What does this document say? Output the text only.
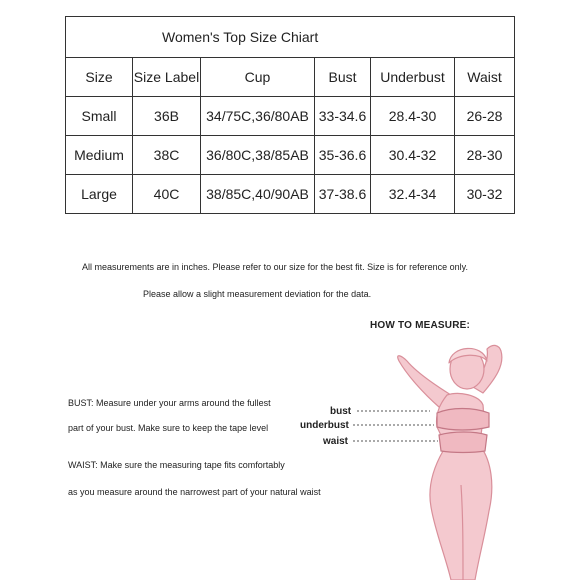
Women's Top Size Chiart					
Size	Size Label	Cup	Bust	Underbust	Waist
Small	36B	34/75C,36/80AB	33-34.6	28.4-30	26-28
Medium	38C	36/80C,38/85AB	35-36.6	30.4-32	28-30
Large	40C	38/85C,40/90AB	37-38.6	32.4-34	30-32
All measurements are in inches. Please refer to our size for the best fit. Size is for reference only.
Please allow a slight measurement deviation for the data.
HOW TO MEASURE:
BUST: Measure under your arms around the fullest
part of your bust. Make sure to keep the tape level
WAIST: Make sure the measuring tape fits comfortably
as you measure around the narrowest part of your natural waist
bust
underbust
waist
